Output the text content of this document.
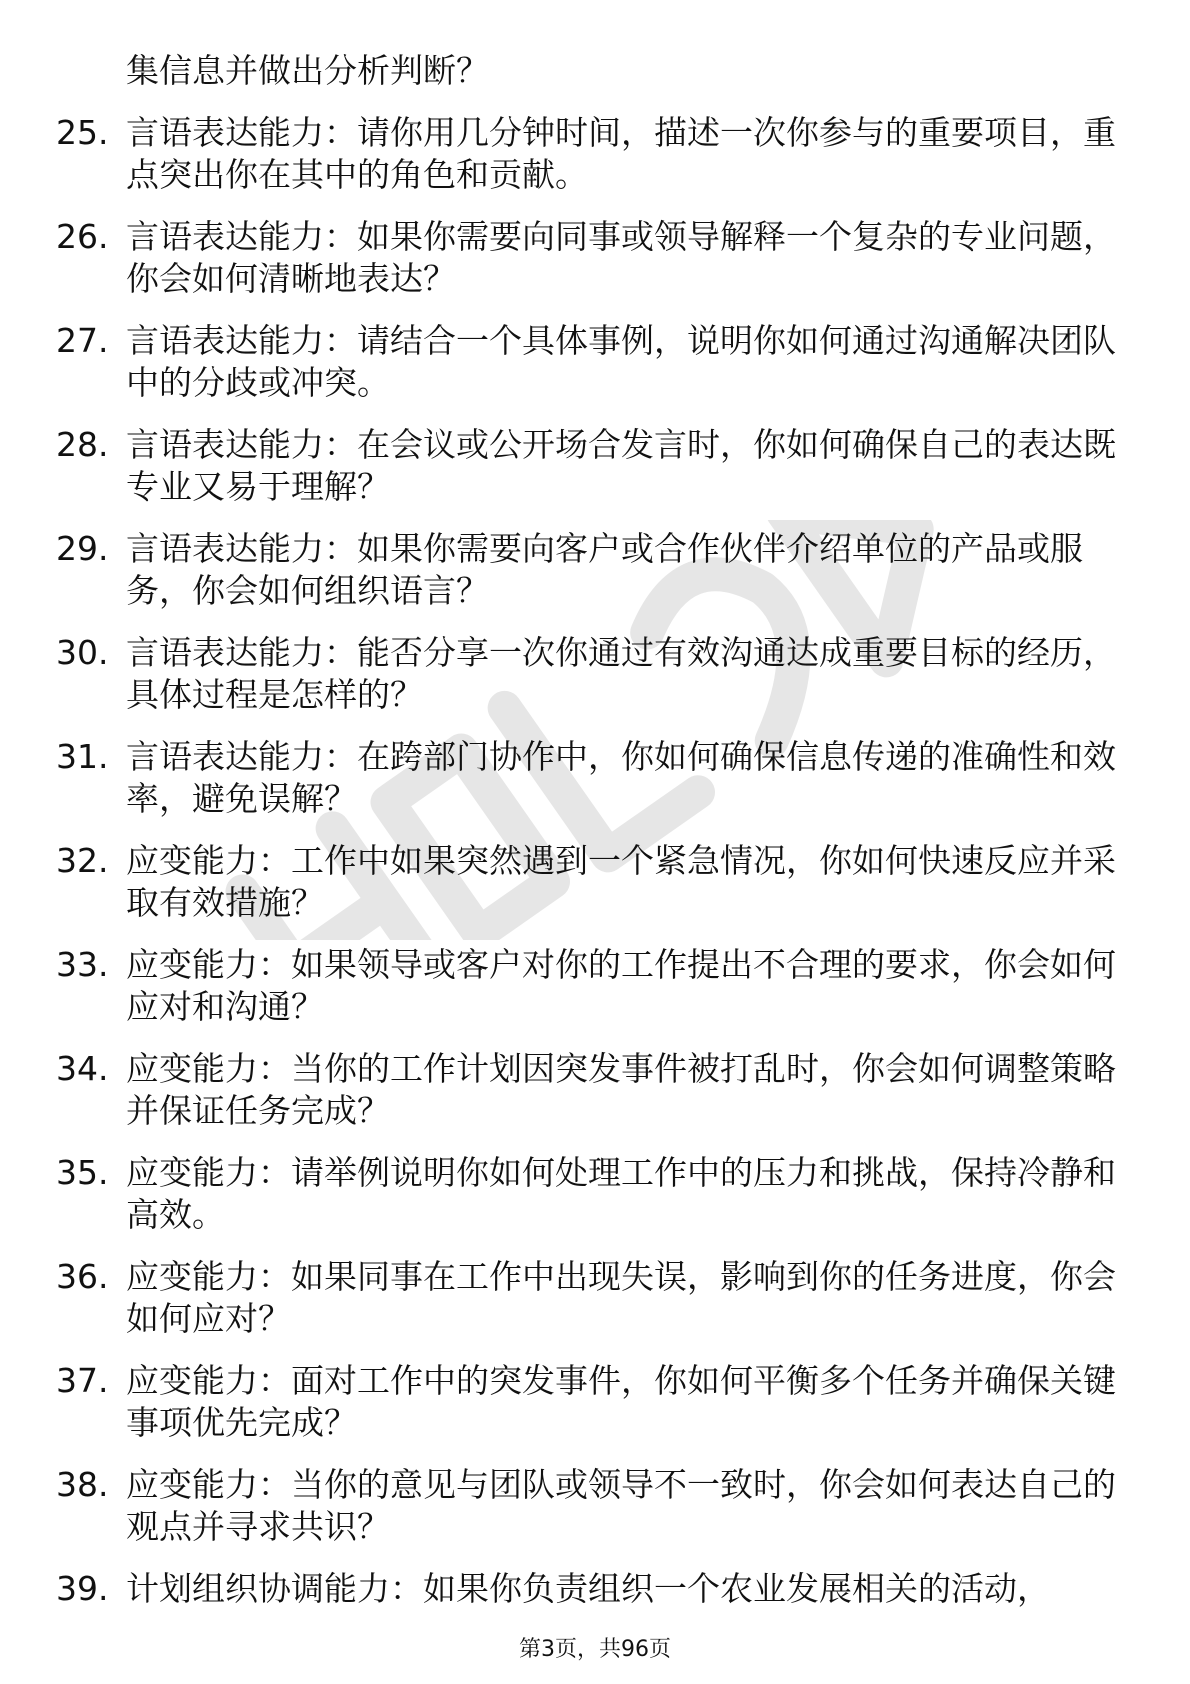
集信息并做出分析判断？
25. 言语表达能力：请你用几分钟时间，描述一次你参与的重要项目，重点突出你在其中的角色和贡献。
26. 言语表达能力：如果你需要向同事或领导解释一个复杂的专业问题，你会如何清晰地表达？
27. 言语表达能力：请结合一个具体事例，说明你如何通过沟通解决团队中的分歧或冲突。
28. 言语表达能力：在会议或公开场合发言时，你如何确保自己的表达既专业又易于理解？
29. 言语表达能力：如果你需要向客户或合作伙伴介绍单位的产品或服务，你会如何组织语言？
30. 言语表达能力：能否分享一次你通过有效沟通达成重要目标的经历，具体过程是怎样的？
31. 言语表达能力：在跨部门协作中，你如何确保信息传递的准确性和效率，避免误解？
32. 应变能力：工作中如果突然遇到一个紧急情况，你如何快速反应并采取有效措施？
33. 应变能力：如果领导或客户对你的工作提出不合理的要求，你会如何应对和沟通？
34. 应变能力：当你的工作计划因突发事件被打乱时，你会如何调整策略并保证任务完成？
35. 应变能力：请举例说明你如何处理工作中的压力和挑战，保持冷静和高效。
36. 应变能力：如果同事在工作中出现失误，影响到你的任务进度，你会如何应对？
37. 应变能力：面对工作中的突发事件，你如何平衡多个任务并确保关键事项优先完成？
38. 应变能力：当你的意见与团队或领导不一致时，你会如何表达自己的观点并寻求共识？
39. 计划组织协调能力：如果你负责组织一个农业发展相关的活动，
第3页，共96页
